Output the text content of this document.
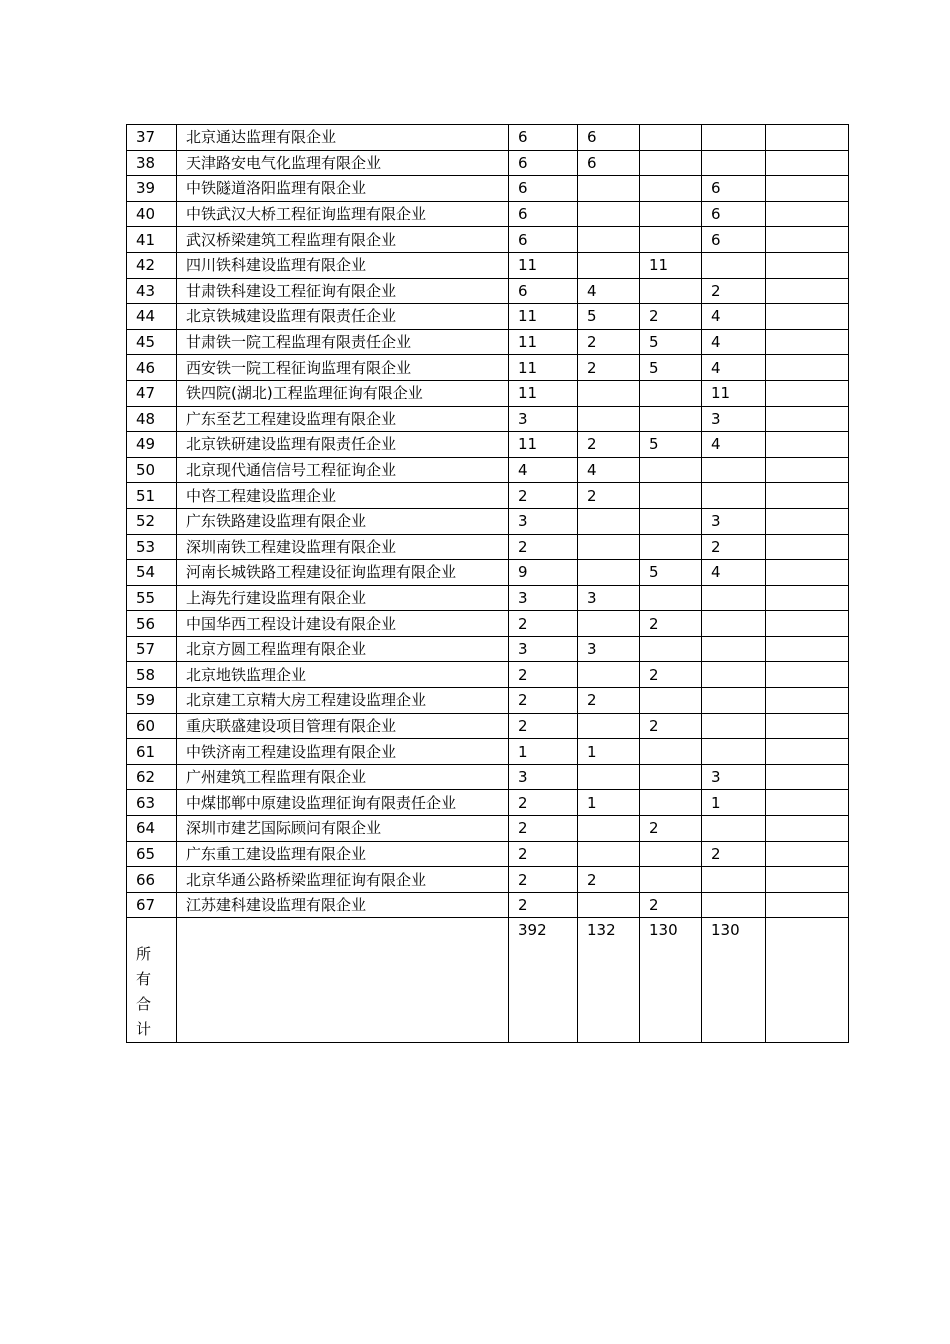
37	北京通达监理有限企业	6	6			
38	天津路安电气化监理有限企业	6	6			
39	中铁隧道洛阳监理有限企业	6			6	
40	中铁武汉大桥工程征询监理有限企业	6			6	
41	武汉桥梁建筑工程监理有限企业	6			6	
42	四川铁科建设监理有限企业	11		11		
43	甘肃铁科建设工程征询有限企业	6	4		2	
44	北京铁城建设监理有限责任企业	11	5	2	4	
45	甘肃铁一院工程监理有限责任企业	11	2	5	4	
46	西安铁一院工程征询监理有限企业	11	2	5	4	
47	铁四院(湖北)工程监理征询有限企业	11			11	
48	广东至艺工程建设监理有限企业	3			3	
49	北京铁研建设监理有限责任企业	11	2	5	4	
50	北京现代通信信号工程征询企业	4	4			
51	中咨工程建设监理企业	2	2			
52	广东铁路建设监理有限企业	3			3	
53	深圳南铁工程建设监理有限企业	2			2	
54	河南长城铁路工程建设征询监理有限企业	9		5	4	
55	上海先行建设监理有限企业	3	3			
56	中国华西工程设计建设有限企业	2		2		
57	北京方圆工程监理有限企业	3	3			
58	北京地铁监理企业	2		2		
59	北京建工京精大房工程建设监理企业	2	2			
60	重庆联盛建设项目管理有限企业	2		2		
61	中铁济南工程建设监理有限企业	1	1			
62	广州建筑工程监理有限企业	3			3	
63	中煤邯郸中原建设监理征询有限责任企业	2	1		1	
64	深圳市建艺国际顾问有限企业	2		2		
65	广东重工建设监理有限企业	2			2	
66	北京华通公路桥梁监理征询有限企业	2	2			
67	江苏建科建设监理有限企业	2		2		

所有合计		392	132	130	130	
